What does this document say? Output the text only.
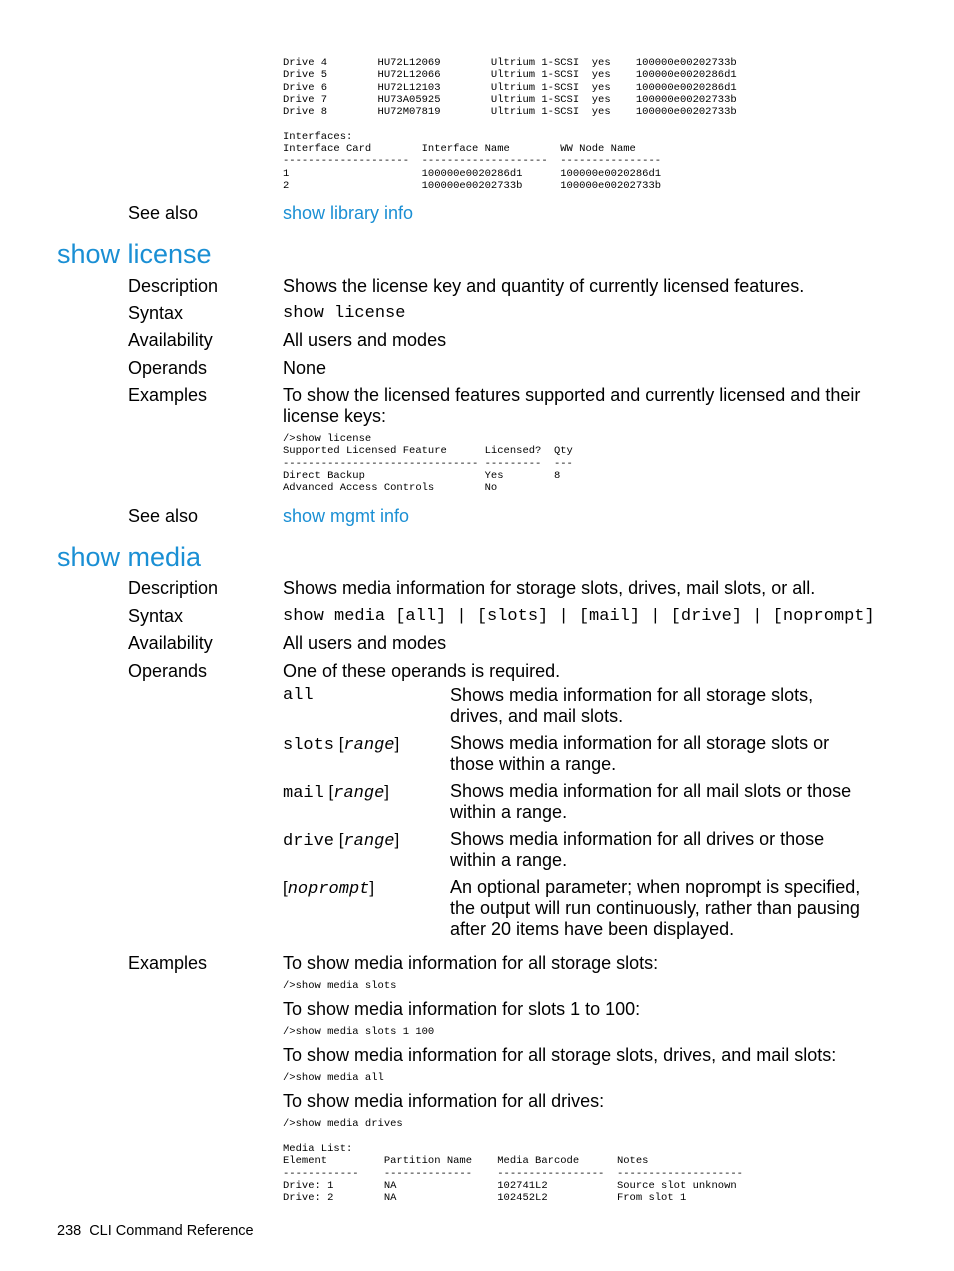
Drive 4        HU72L12069        Ultrium 1-SCSI  yes    100000e00202733b
Drive 5        HU72L12066        Ultrium 1-SCSI  yes    100000e0020286d1
Drive 6        HU72L12103        Ultrium 1-SCSI  yes    100000e0020286d1
Drive 7        HU73A05925        Ultrium 1-SCSI  yes    100000e00202733b
Drive 8        HU72M07819        Ultrium 1-SCSI  yes    100000e00202733b

Interfaces:
Interface Card        Interface Name        WW Node Name
--------------------  --------------------  ----------------
1                     100000e0020286d1      100000e0020286d1
2                     100000e00202733b      100000e00202733b
See also	show library info
show license
Description	Shows the license key and quantity of currently licensed features.
Syntax	show license
Availability	All users and modes
Operands	None
Examples	To show the licensed features supported and currently licensed and their license keys:
/>show license
Supported Licensed Feature      Licensed?  Qty
------------------------------- ---------  ---
Direct Backup                   Yes        8
Advanced Access Controls        No
See also	show mgmt info
show media
Description	Shows media information for storage slots, drives, mail slots, or all.
Syntax	show media [all] | [slots] | [mail] | [drive] | [noprompt]
Availability	All users and modes
Operands	One of these operands is required.
all	Shows media information for all storage slots, drives, and mail slots.
slots [range]	Shows media information for all storage slots or those within a range.
mail [range]	Shows media information for all mail slots or those within a range.
drive [range]	Shows media information for all drives or those within a range.
[noprompt]	An optional parameter; when noprompt is specified, the output will run continuously, rather than pausing after 20 items have been displayed.
Examples	To show media information for all storage slots:
/>show media slots
To show media information for slots 1 to 100:
/>show media slots 1 100
To show media information for all storage slots, drives, and mail slots:
/>show media all
To show media information for all drives:
/>show media drives
Media List:
Element         Partition Name    Media Barcode      Notes
------------    --------------    -----------------  --------------------
Drive: 1        NA                102741L2           Source slot unknown
Drive: 2        NA                102452L2           From slot 1
238 CLI Command Reference
